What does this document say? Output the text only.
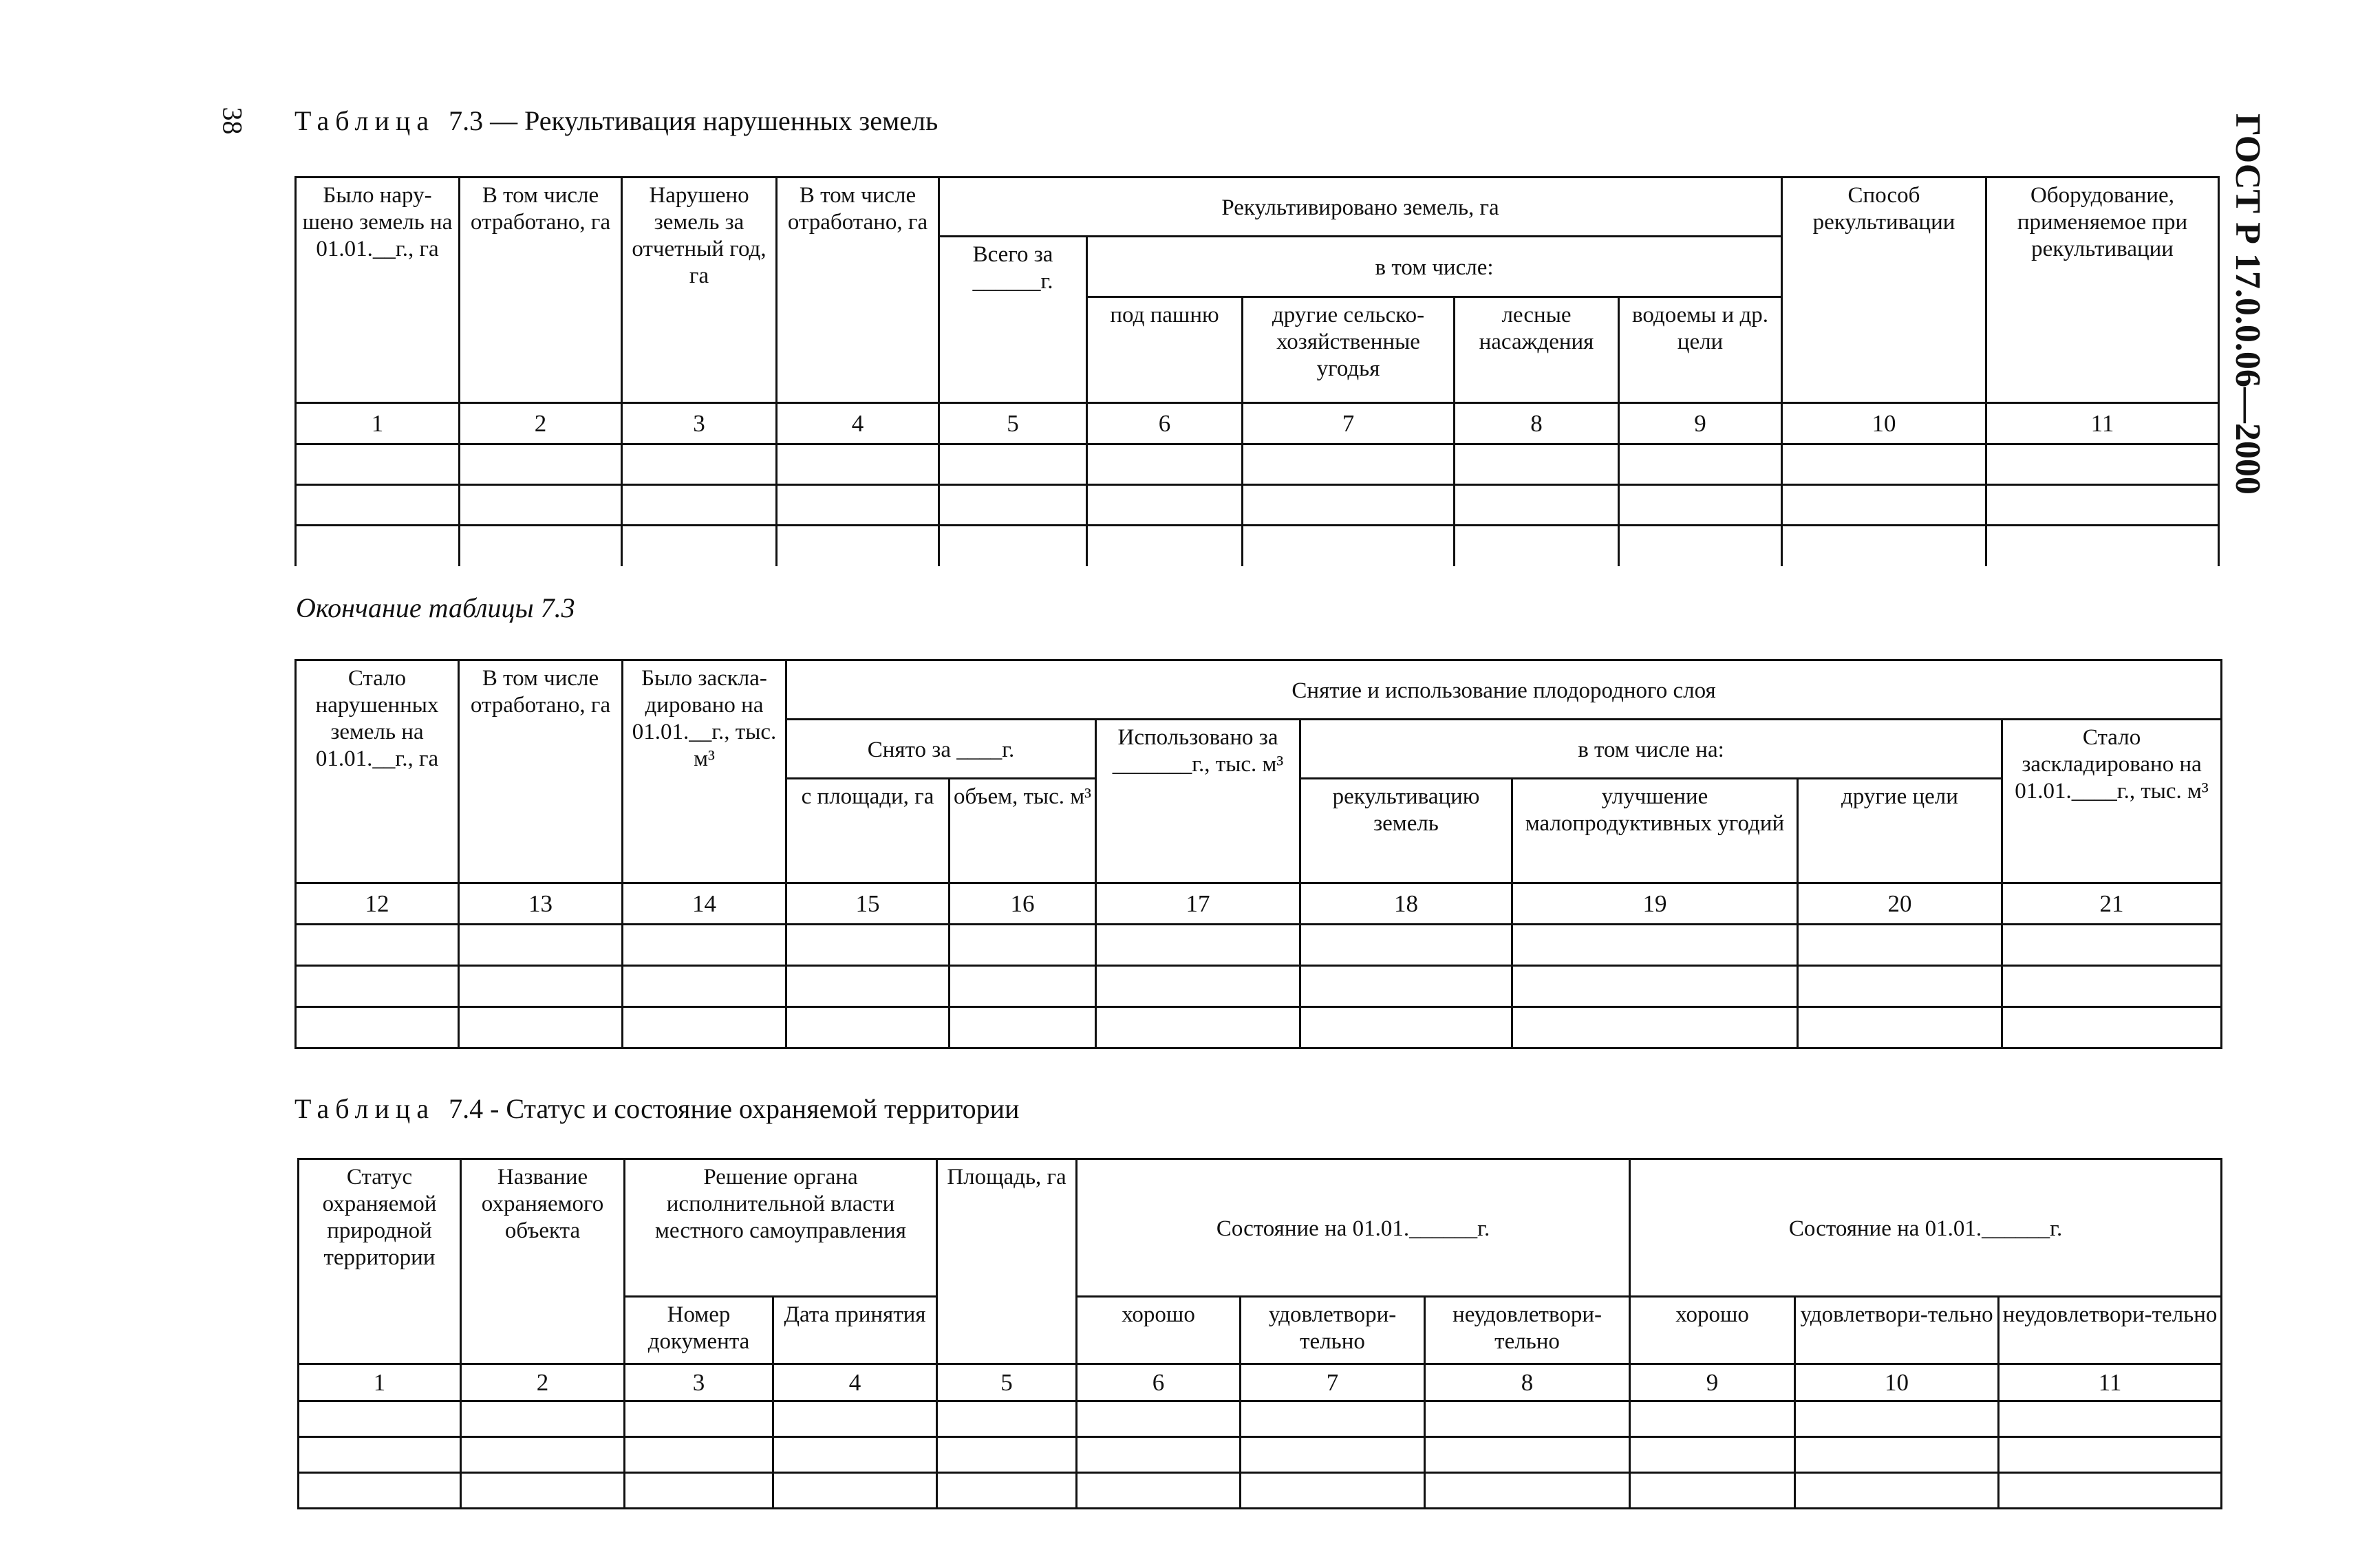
38	ГОСТ Р 17.0.0.06—2000
Таблица 7.3 — Рекультивация нарушенных земель
Было нару-шено земель на 01.01.__г., га	В том числе отработано, га	Нарушено земель за отчетный год, га	В том числе отработано, га	Рекультивировано земель, га					Способ рекультивации	Оборудование, применяемое при рекультивации
				Всего за ______г.	в том числе:					
					под пашню	другие сельско-хозяйственные угодья	лесные насаждения	водоемы и др. цели		
1	2	3	4	5	6	7	8	9	10	11

Окончание таблицы 7.3
Стало нарушенных земель на 01.01.__г., га	В том числе отработано, га	Было заскла-дировано на 01.01.__г., тыс. м³	Снятие и использование плодородного слоя						
			Снято за ____г.		Использовано за _______г., тыс. м³	в том числе на:			Стало заскладировано на 01.01.____г., тыс. м³
			с площади, га	объем, тыс. м³		рекультивацию земель	улучшение малопродуктивных угодий	другие цели	
12	13	14	15	16	17	18	19	20	21

Таблица 7.4 - Статус и состояние охраняемой территории
Статус охраняемой природной территории	Название охраняемого объекта	Решение органа исполнительной власти местного самоуправления		Площадь, га	Состояние на 01.01.______г.			Состояние на 01.01.______г.		
		Номер документа	Дата принятия		хорошо	удовлетвори-тельно	неудовлетвори-тельно	хорошо	удовлетвори-тельно	неудовлетвори-тельно
1	2	3	4	5	6	7	8	9	10	11
